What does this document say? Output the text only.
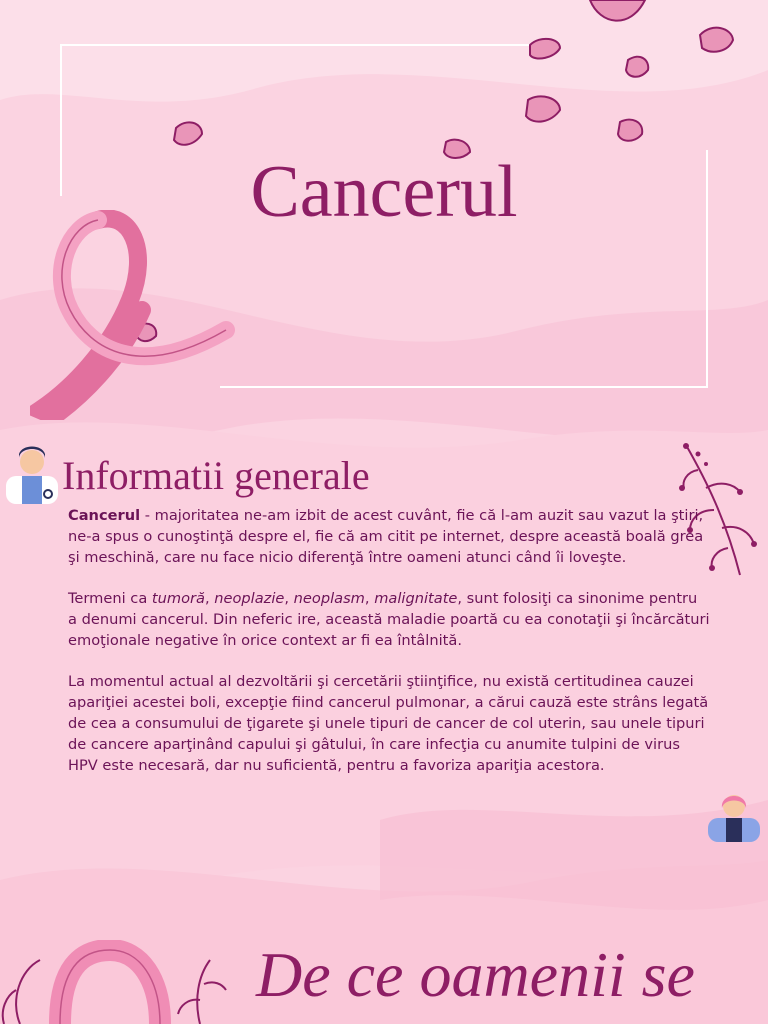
Cancerul
Informatii generale

Cancerul - majoritatea ne-am izbit de acest cuvânt, fie că l-am auzit sau vazut la ştiri, ne-a spus o cunoştinţă despre el, fie că am citit pe internet, despre această boală grea şi meschină, care nu face nicio diferenţă între oameni atunci când îi loveşte.

Termeni ca tumoră, neoplazie, neoplasm, malignitate, sunt folosiţi ca sinonime pentru a denumi cancerul. Din neferic ire, această maladie poartă cu ea conotaţii şi încărcături emoţionale negative în orice context ar fi ea întâlnită.

La momentul actual al dezvoltării şi cercetării ştiinţifice, nu există certitudinea cauzei apariţiei acestei boli, excepţie fiind cancerul pulmonar, a cărui cauză este strâns legată de cea a consumului de ţigarete şi unele tipuri de cancer de col uterin, sau unele tipuri de cancere aparţinând capului şi gâtului, în care infecţia cu anumite tulpini de virus HPV este necesară, dar nu suficientă, pentru a favoriza apariţia acestora.

De ce oamenii se
